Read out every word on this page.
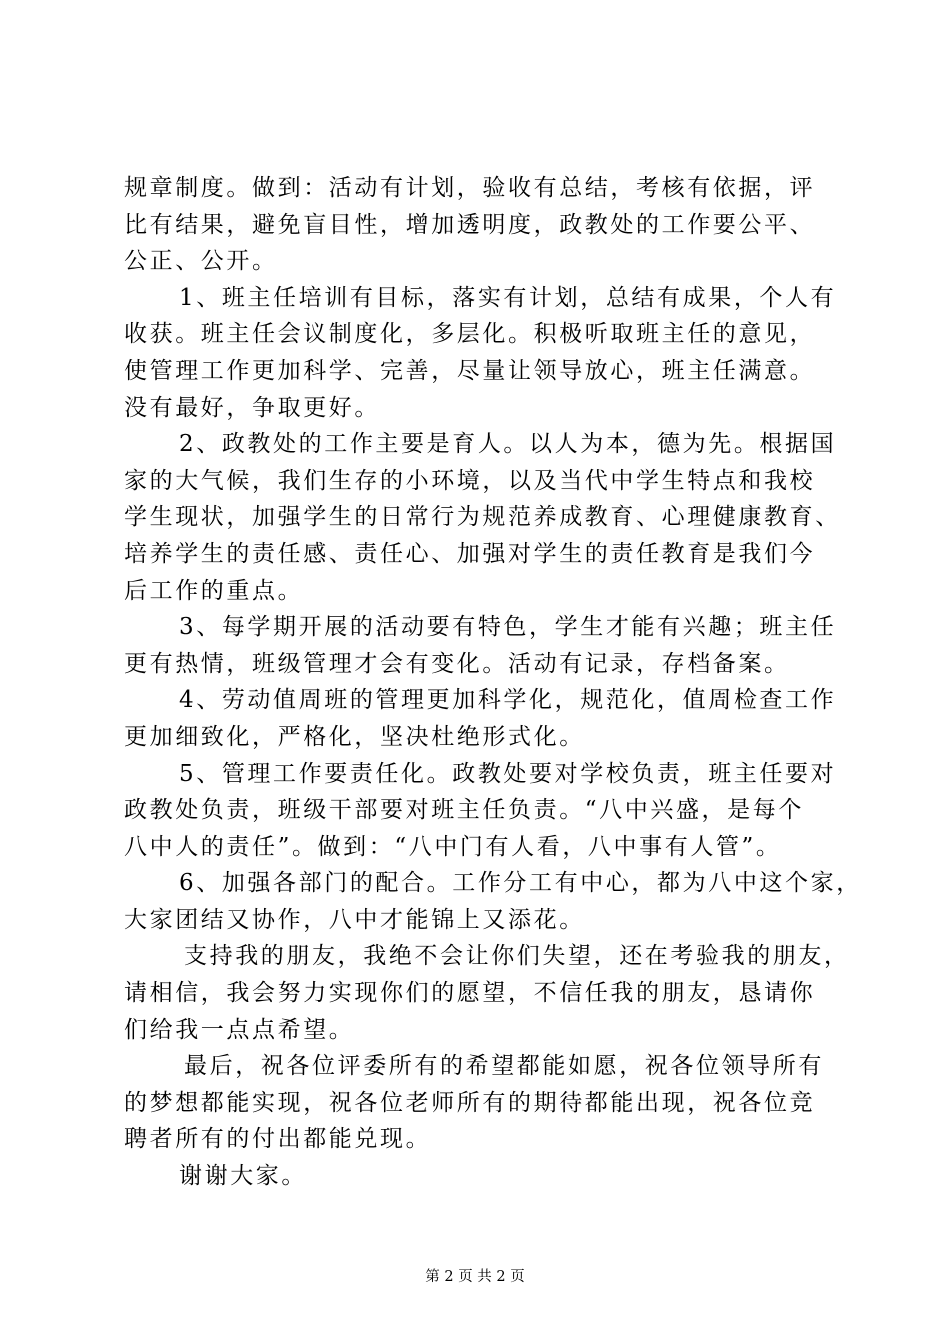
规章制度。做到：活动有计划，验收有总结，考核有依据，评
比有结果，避免盲目性，增加透明度，政教处的工作要公平、
公正、公开。
1、班主任培训有目标，落实有计划，总结有成果，个人有
收获。班主任会议制度化，多层化。积极听取班主任的意见，
使管理工作更加科学、完善，尽量让领导放心，班主任满意。
没有最好，争取更好。
2、政教处的工作主要是育人。以人为本，德为先。根据国
家的大气候，我们生存的小环境，以及当代中学生特点和我校
学生现状，加强学生的日常行为规范养成教育、心理健康教育、
培养学生的责任感、责任心、加强对学生的责任教育是我们今
后工作的重点。
3、每学期开展的活动要有特色，学生才能有兴趣；班主任
更有热情，班级管理才会有变化。活动有记录，存档备案。
4、劳动值周班的管理更加科学化，规范化，值周检查工作
更加细致化，严格化，坚决杜绝形式化。
5、管理工作要责任化。政教处要对学校负责，班主任要对
政教处负责，班级干部要对班主任负责。“八中兴盛，是每个
八中人的责任”。做到：“八中门有人看，八中事有人管”。
6、加强各部门的配合。工作分工有中心，都为八中这个家，
大家团结又协作，八中才能锦上又添花。
支持我的朋友，我绝不会让你们失望，还在考验我的朋友，
请相信，我会努力实现你们的愿望，不信任我的朋友，恳请你
们给我一点点希望。
最后，祝各位评委所有的希望都能如愿，祝各位领导所有
的梦想都能实现，祝各位老师所有的期待都能出现，祝各位竞
聘者所有的付出都能兑现。
谢谢大家。
第 2 页 共 2 页
